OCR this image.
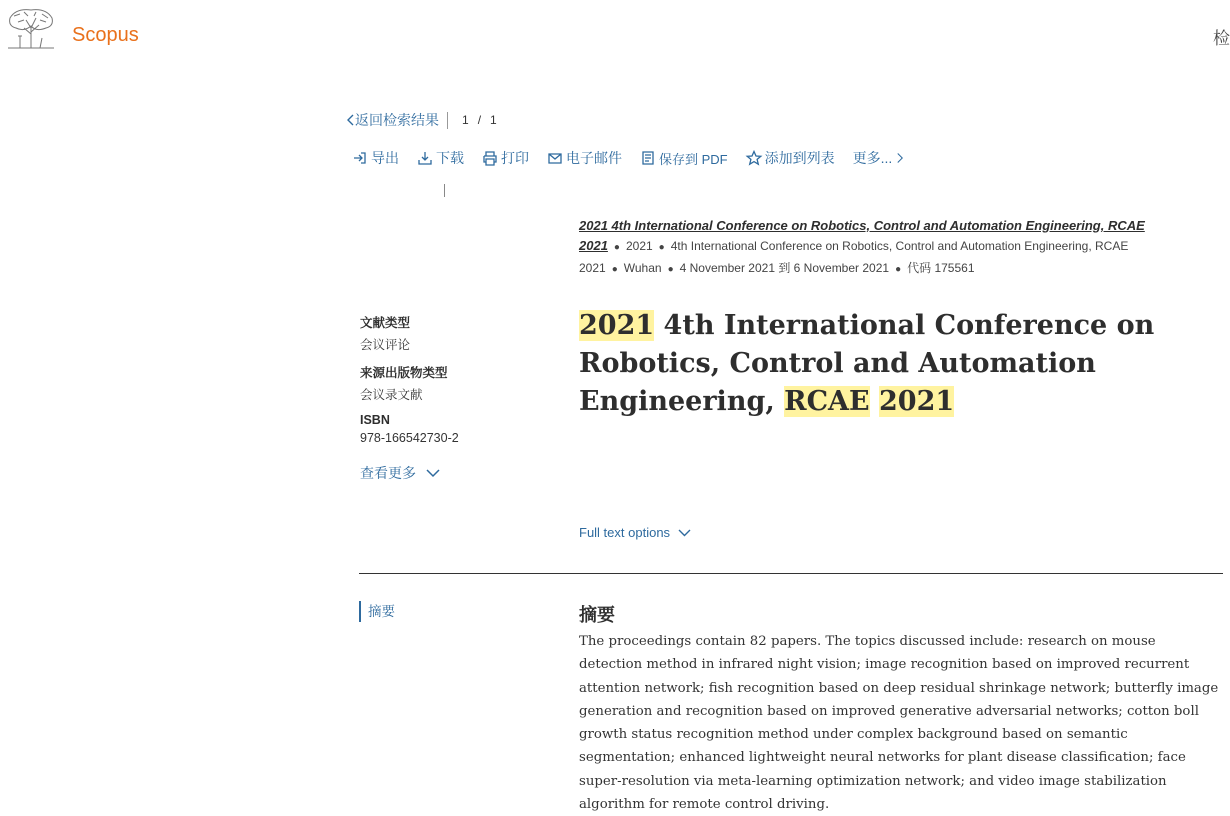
Scopus	检
返回检索结果	1 / 1
导出	下载	打印	电子邮件	保存到 PDF	添加到列表 更多...
2021 4th International Conference on Robotics, Control and Automation Engineering, RCAE 2021 ● 2021 ● 4th International Conference on Robotics, Control and Automation Engineering, RCAE 2021 ● Wuhan ● 4 November 2021 到 6 November 2021 ● 代码 175561
文献类型
会议评论
来源出版物类型
会议录文献
ISBN
978-166542730-2
查看更多
2021 4th International Conference on Robotics, Control and Automation Engineering, RCAE 2021
Full text options
摘要	摘要

The proceedings contain 82 papers. The topics discussed include: research on mouse detection method in infrared night vision; image recognition based on improved recurrent attention network; fish recognition based on deep residual shrinkage network; butterfly image generation and recognition based on improved generative adversarial networks; cotton boll growth status recognition method under complex background based on semantic segmentation; enhanced lightweight neural networks for plant disease classification; face super-resolution via meta-learning optimization network; and video image stabilization algorithm for remote control driving.
